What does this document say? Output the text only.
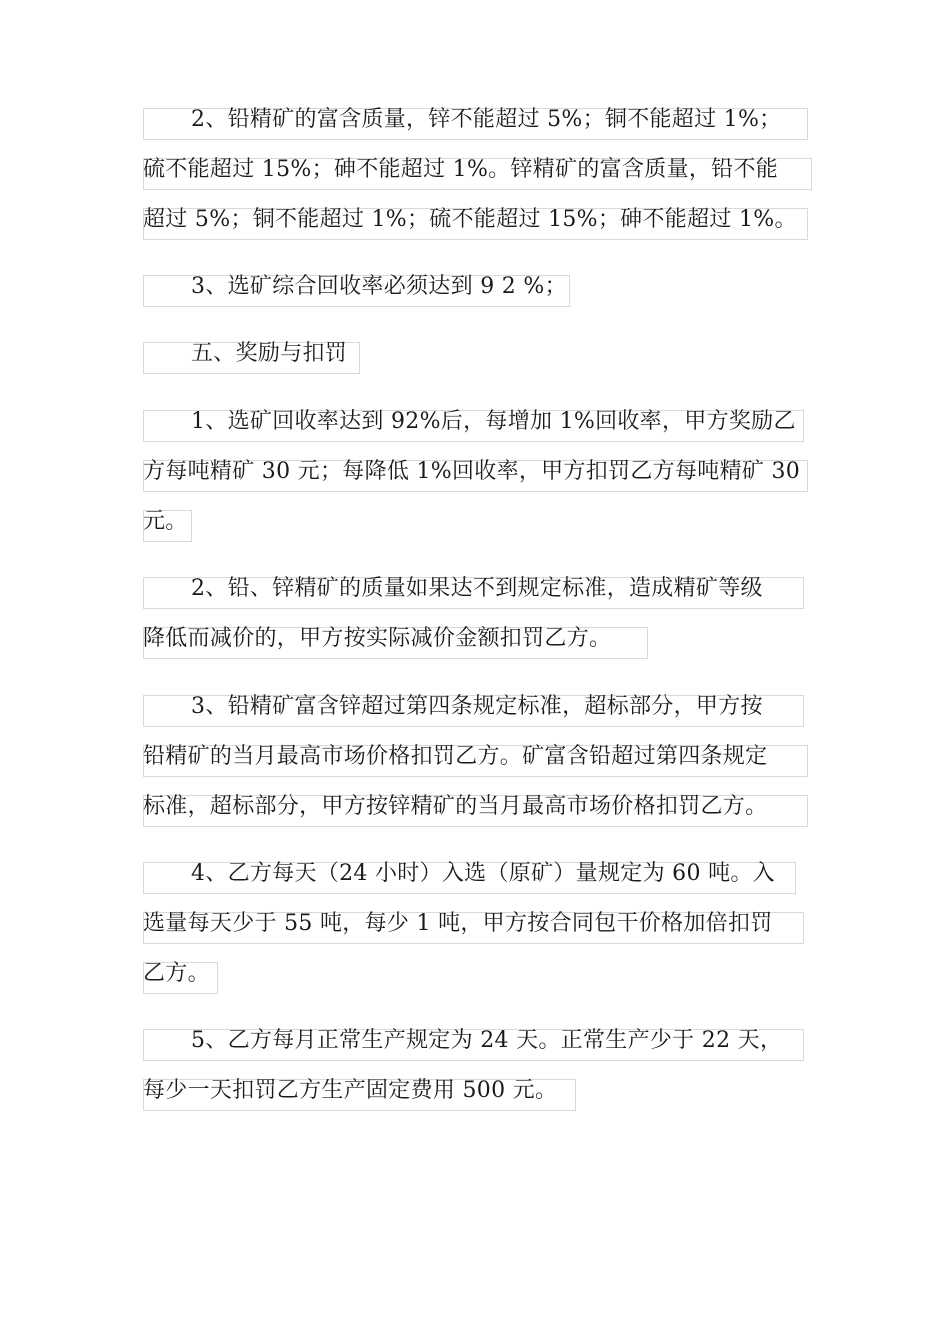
2、铅精矿的富含质量，锌不能超过 5%；铜不能超过 1%；
硫不能超过 15%；砷不能超过 1%。锌精矿的富含质量，铅不能
超过 5%；铜不能超过 1%；硫不能超过 15%；砷不能超过 1%。
3、选矿综合回收率必须达到 9 2 %；
五、奖励与扣罚
1、选矿回收率达到 92%后，每增加 1%回收率，甲方奖励乙
方每吨精矿 30 元；每降低 1%回收率，甲方扣罚乙方每吨精矿 30
元。
2、铅、锌精矿的质量如果达不到规定标准，造成精矿等级
降低而减价的，甲方按实际减价金额扣罚乙方。
3、铅精矿富含锌超过第四条规定标准，超标部分，甲方按
铅精矿的当月最高市场价格扣罚乙方。矿富含铅超过第四条规定
标准，超标部分，甲方按锌精矿的当月最高市场价格扣罚乙方。
4、乙方每天（24 小时）入选（原矿）量规定为 60 吨。入
选量每天少于 55 吨，每少 1 吨，甲方按合同包干价格加倍扣罚
乙方。
5、乙方每月正常生产规定为 24 天。正常生产少于 22 天，
每少一天扣罚乙方生产固定费用 500 元。
